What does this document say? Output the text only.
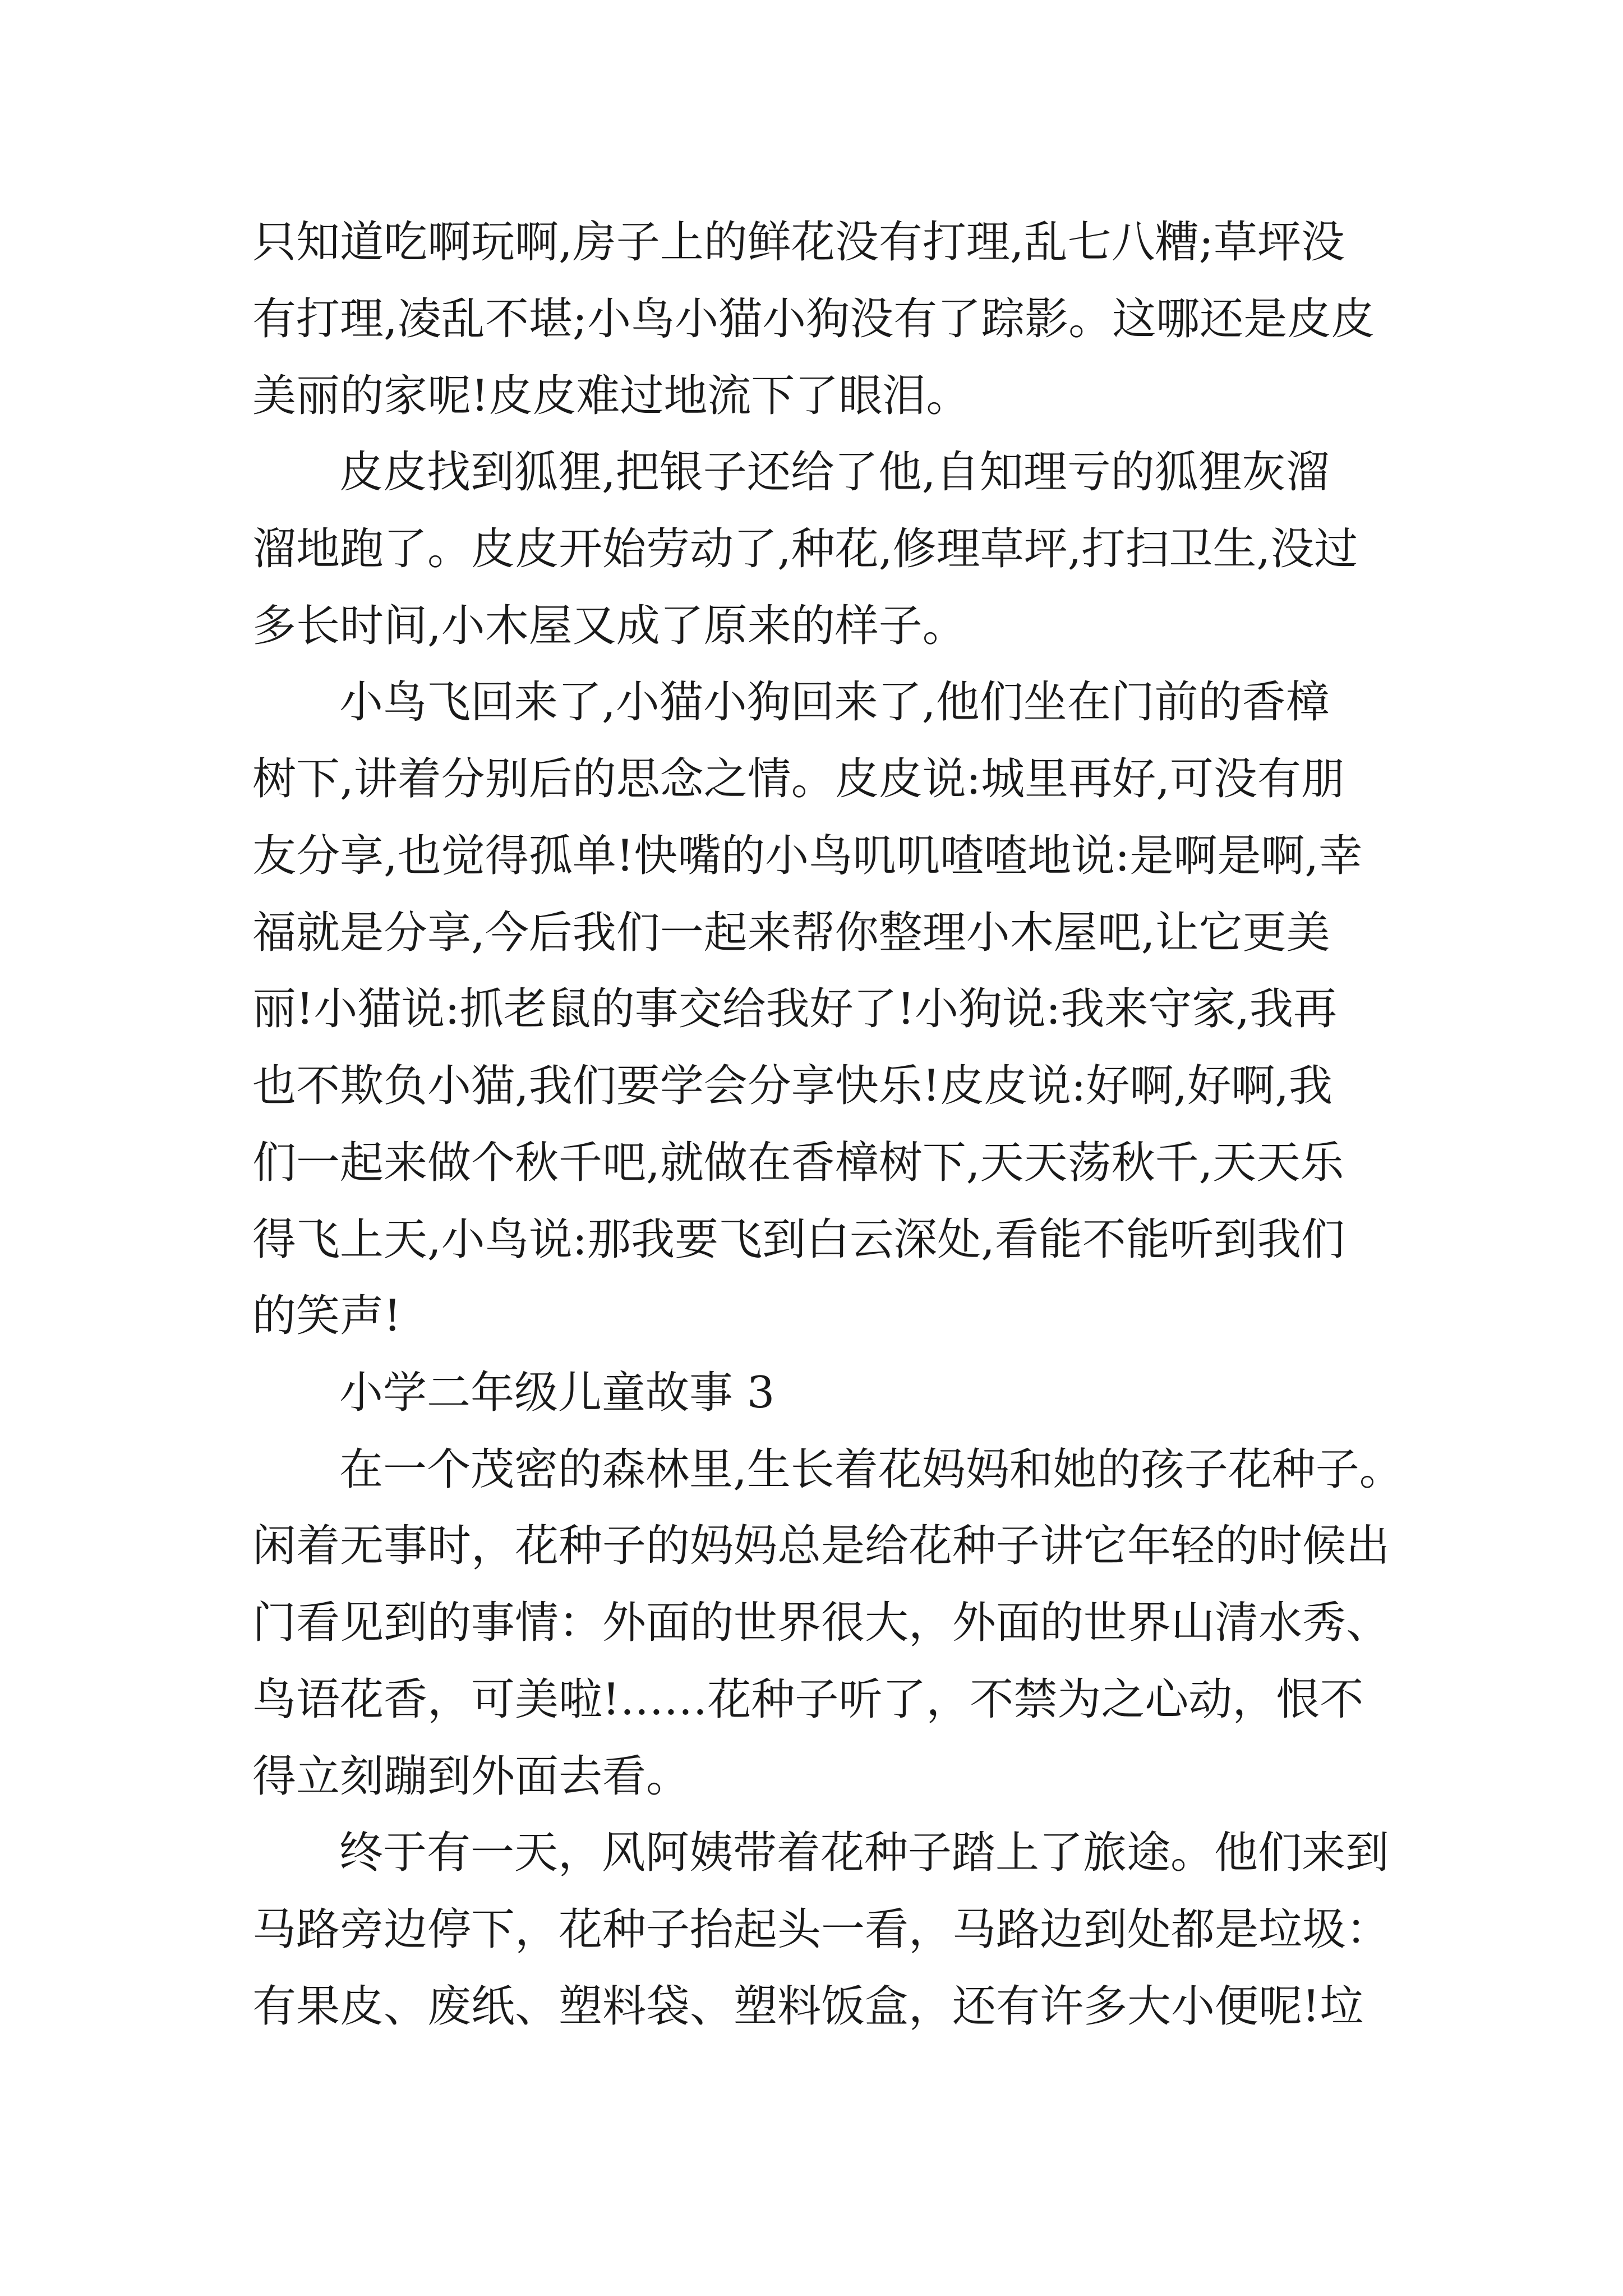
只知道吃啊玩啊,房子上的鲜花没有打理,乱七八糟;草坪没
有打理,凌乱不堪;小鸟小猫小狗没有了踪影。这哪还是皮皮
美丽的家呢!皮皮难过地流下了眼泪。
皮皮找到狐狸,把银子还给了他,自知理亏的狐狸灰溜
溜地跑了。皮皮开始劳动了,种花,修理草坪,打扫卫生,没过
多长时间,小木屋又成了原来的样子。
小鸟飞回来了,小猫小狗回来了,他们坐在门前的香樟
树下,讲着分别后的思念之情。皮皮说:城里再好,可没有朋
友分享,也觉得孤单!快嘴的小鸟叽叽喳喳地说:是啊是啊,幸
福就是分享,今后我们一起来帮你整理小木屋吧,让它更美
丽!小猫说:抓老鼠的事交给我好了!小狗说:我来守家,我再
也不欺负小猫,我们要学会分享快乐!皮皮说:好啊,好啊,我
们一起来做个秋千吧,就做在香樟树下,天天荡秋千,天天乐
得飞上天,小鸟说:那我要飞到白云深处,看能不能听到我们
的笑声!
小学二年级儿童故事 3
在一个茂密的森林里,生长着花妈妈和她的孩子花种子。
闲着无事时，花种子的妈妈总是给花种子讲它年轻的时候出
门看见到的事情：外面的世界很大，外面的世界山清水秀、
鸟语花香，可美啦!……花种子听了，不禁为之心动，恨不
得立刻蹦到外面去看。
终于有一天，风阿姨带着花种子踏上了旅途。他们来到
马路旁边停下，花种子抬起头一看，马路边到处都是垃圾：
有果皮、废纸、塑料袋、塑料饭盒，还有许多大小便呢!垃
